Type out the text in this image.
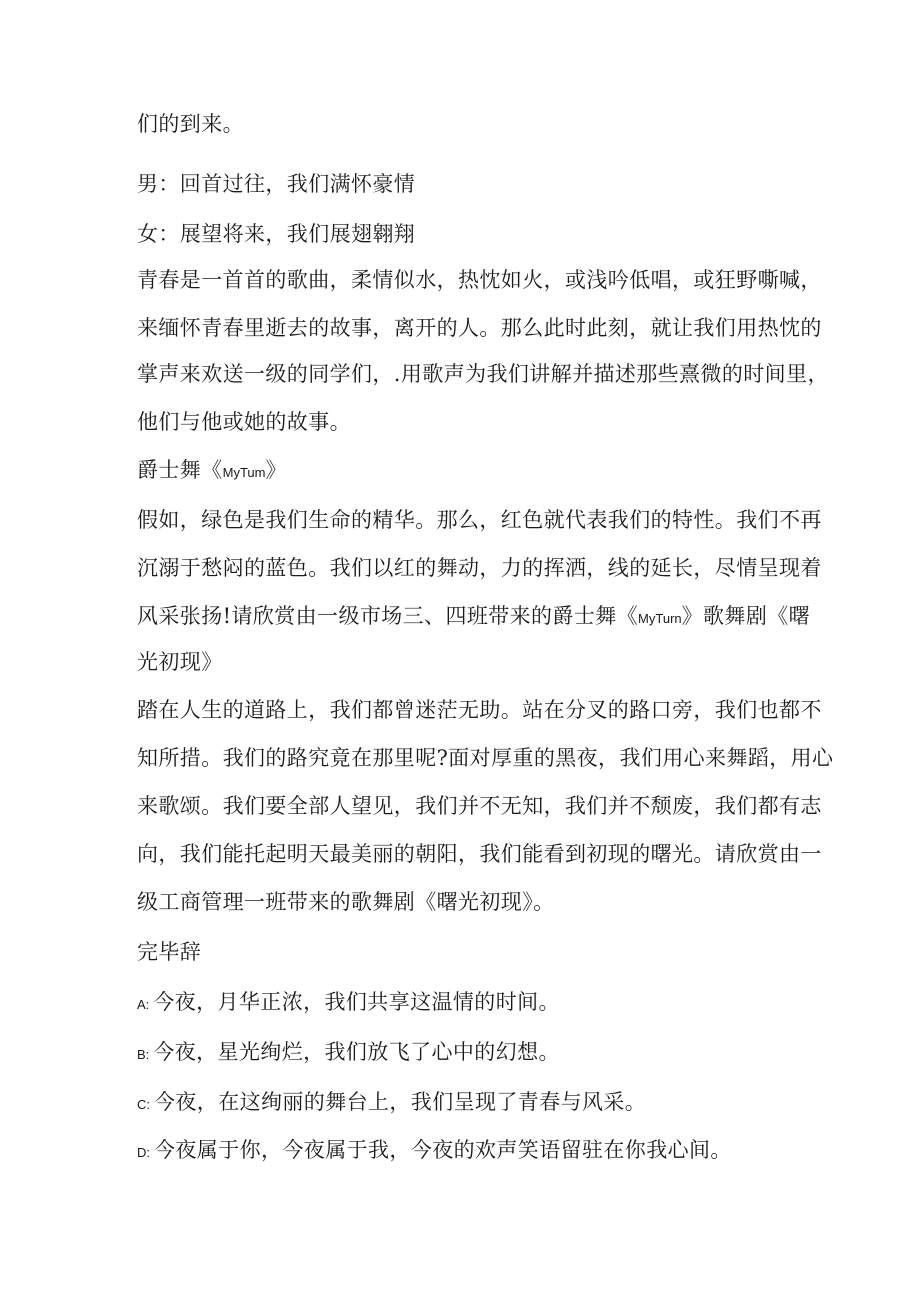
们的到来。
男：回首过往，我们满怀豪情
女：展望将来，我们展翅翱翔
青春是一首首的歌曲，柔情似水，热忱如火，或浅吟低唱，或狂野嘶喊，
来缅怀青春里逝去的故事，离开的人。那么此时此刻，就让我们用热忱的
掌声来欢送一级的同学们，.用歌声为我们讲解并描述那些熹微的时间里，
他们与他或她的故事。
爵士舞《MyTum》
假如，绿色是我们生命的精华。那么，红色就代表我们的特性。我们不再
沉溺于愁闷的蓝色。我们以红的舞动，力的挥洒，线的延长，尽情呈现着
风采张扬!请欣赏由一级市场三、四班带来的爵士舞《MyTurn》歌舞剧《曙
光初现》
踏在人生的道路上，我们都曾迷茫无助。站在分叉的路口旁，我们也都不
知所措。我们的路究竟在那里呢?面对厚重的黑夜，我们用心来舞蹈，用心
来歌颂。我们要全部人望见，我们并不无知，我们并不颓废，我们都有志
向，我们能托起明天最美丽的朝阳，我们能看到初现的曙光。请欣赏由一
级工商管理一班带来的歌舞剧《曙光初现》。
完毕辞
A: 今夜，月华正浓，我们共享这温情的时间。
B: 今夜，星光绚烂，我们放飞了心中的幻想。
C: 今夜，在这绚丽的舞台上，我们呈现了青春与风采。
D: 今夜属于你，今夜属于我，今夜的欢声笑语留驻在你我心间。
